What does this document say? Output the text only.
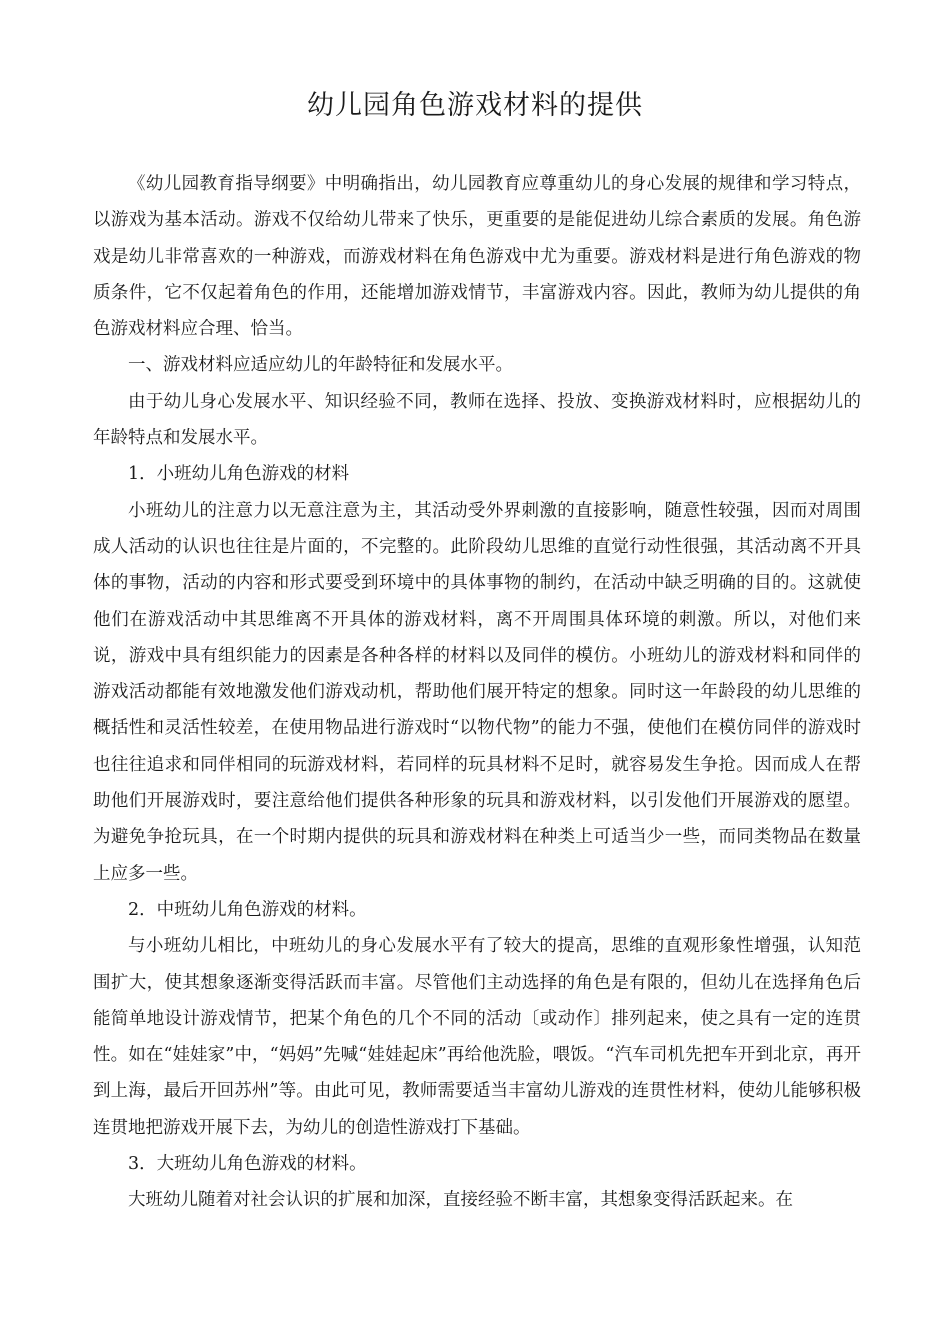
幼儿园角色游戏材料的提供

《幼儿园教育指导纲要》中明确指出，幼儿园教育应尊重幼儿的身心发展的规律和学习特点，以游戏为基本活动。游戏不仅给幼儿带来了快乐，更重要的是能促进幼儿综合素质的发展。角色游戏是幼儿非常喜欢的一种游戏，而游戏材料在角色游戏中尤为重要。游戏材料是进行角色游戏的物质条件，它不仅起着角色的作用，还能增加游戏情节，丰富游戏内容。因此，教师为幼儿提供的角色游戏材料应合理、恰当。

一、游戏材料应适应幼儿的年龄特征和发展水平。

由于幼儿身心发展水平、知识经验不同，教师在选择、投放、变换游戏材料时，应根据幼儿的年龄特点和发展水平。

1．小班幼儿角色游戏的材料

小班幼儿的注意力以无意注意为主，其活动受外界刺激的直接影响，随意性较强，因而对周围成人活动的认识也往往是片面的，不完整的。此阶段幼儿思维的直觉行动性很强，其活动离不开具体的事物，活动的内容和形式要受到环境中的具体事物的制约，在活动中缺乏明确的目的。这就使他们在游戏活动中其思维离不开具体的游戏材料，离不开周围具体环境的刺激。所以，对他们来说，游戏中具有组织能力的因素是各种各样的材料以及同伴的模仿。小班幼儿的游戏材料和同伴的游戏活动都能有效地激发他们游戏动机，帮助他们展开特定的想象。同时这一年龄段的幼儿思维的概括性和灵活性较差，在使用物品进行游戏时“以物代物”的能力不强，使他们在模仿同伴的游戏时也往往追求和同伴相同的玩游戏材料，若同样的玩具材料不足时，就容易发生争抢。因而成人在帮助他们开展游戏时，要注意给他们提供各种形象的玩具和游戏材料，以引发他们开展游戏的愿望。为避免争抢玩具，在一个时期内提供的玩具和游戏材料在种类上可适当少一些，而同类物品在数量上应多一些。

2．中班幼儿角色游戏的材料。

与小班幼儿相比，中班幼儿的身心发展水平有了较大的提高，思维的直观形象性增强，认知范围扩大，使其想象逐渐变得活跃而丰富。尽管他们主动选择的角色是有限的，但幼儿在选择角色后能简单地设计游戏情节，把某个角色的几个不同的活动〔或动作〕排列起来，使之具有一定的连贯性。如在“娃娃家”中，“妈妈”先喊“娃娃起床”再给他洗脸，喂饭。“汽车司机先把车开到北京，再开到上海，最后开回苏州”等。由此可见，教师需要适当丰富幼儿游戏的连贯性材料，使幼儿能够积极连贯地把游戏开展下去，为幼儿的创造性游戏打下基础。

3．大班幼儿角色游戏的材料。

大班幼儿随着对社会认识的扩展和加深，直接经验不断丰富，其想象变得活跃起来。在
